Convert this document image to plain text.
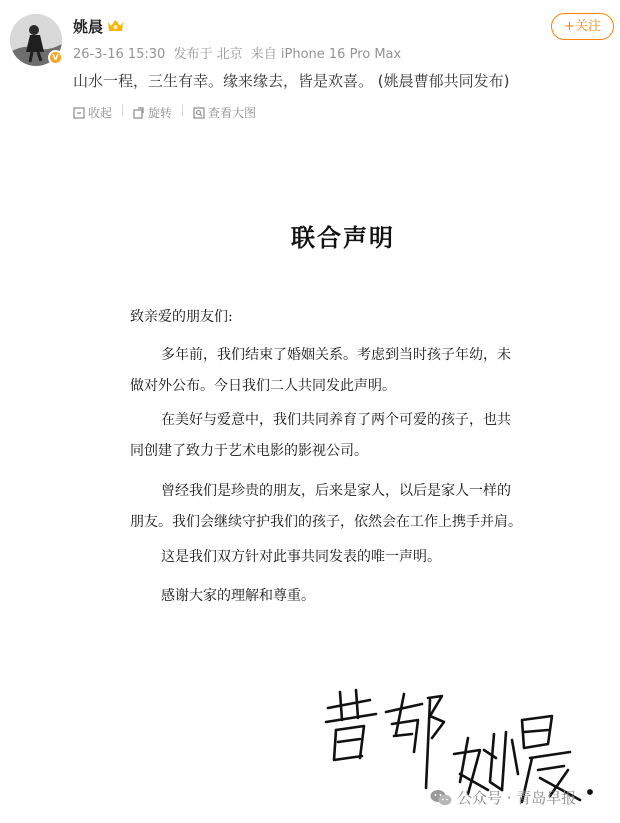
V
姚晨
26-3-16 15:30 发布于 北京 来自 iPhone 16 Pro Max
+关注
山水一程，三生有幸。缘来缘去，皆是欢喜。 (姚晨曹郁共同发布)
收起	旋转	查看大图
联合声明
致亲爱的朋友们:
多年前，我们结束了婚姻关系。考虑到当时孩子年幼，未
做对外公布。今日我们二人共同发此声明。
在美好与爱意中，我们共同养育了两个可爱的孩子，也共
同创建了致力于艺术电影的影视公司。
曾经我们是珍贵的朋友，后来是家人，以后是家人一样的
朋友。我们会继续守护我们的孩子，依然会在工作上携手并肩。
这是我们双方针对此事共同发表的唯一声明。
感谢大家的理解和尊重。
公众号 · 青岛早报
